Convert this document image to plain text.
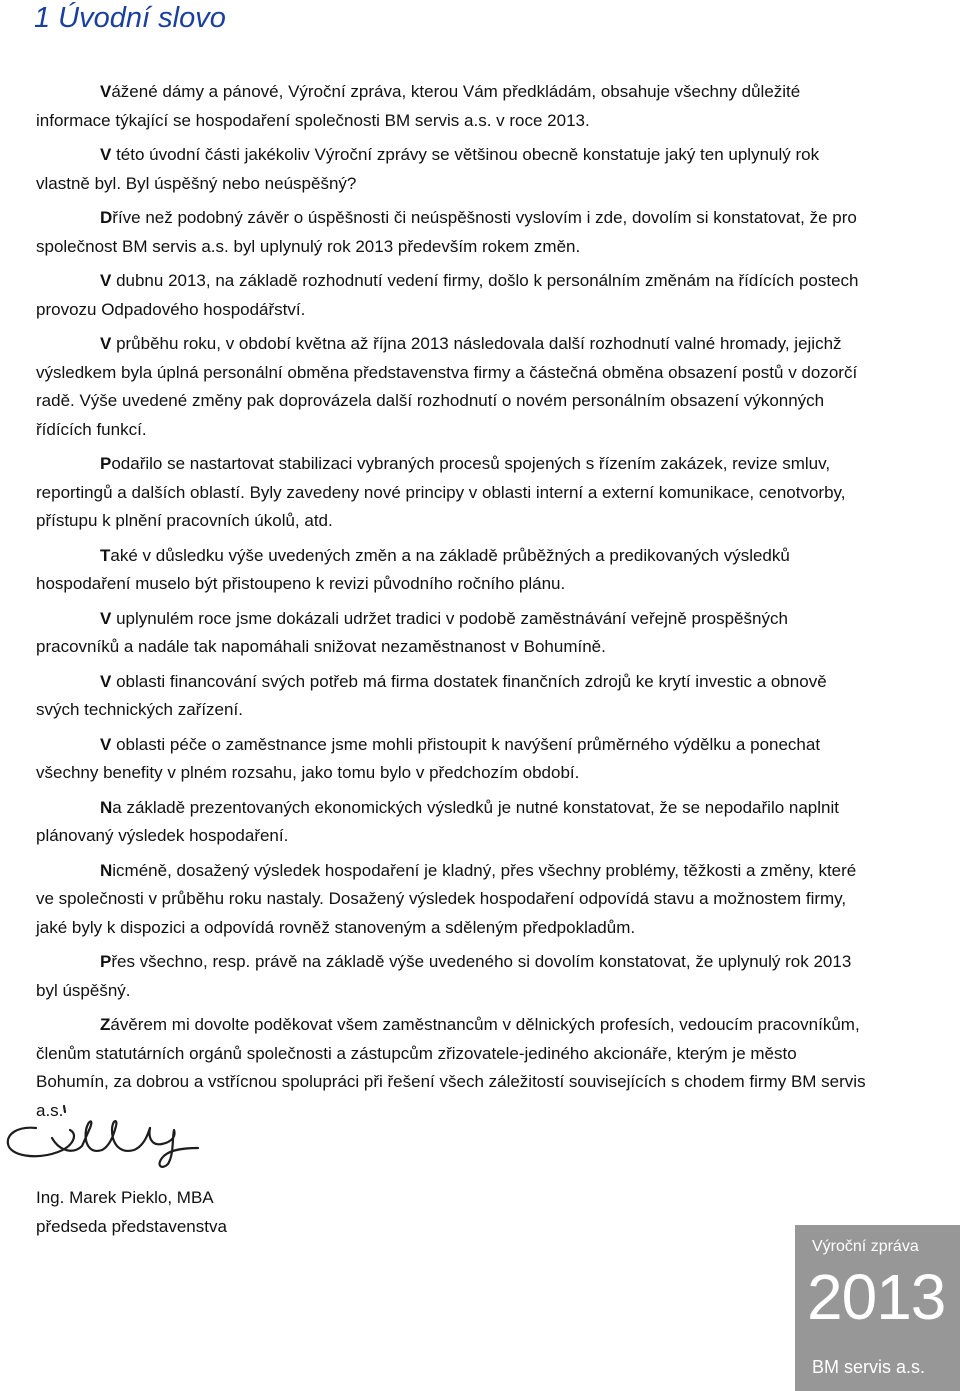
1 Úvodní slovo

Vážené dámy a pánové, Výroční zpráva, kterou Vám předkládám, obsahuje všechny důležité informace týkající se hospodaření společnosti BM servis a.s. v roce 2013.

V této úvodní části jakékoliv Výroční zprávy se většinou obecně konstatuje jaký ten uplynulý rok vlastně byl. Byl úspěšný nebo neúspěšný?

Dříve než podobný závěr o úspěšnosti či neúspěšnosti vyslovím i zde, dovolím si konstatovat, že pro společnost BM servis a.s. byl uplynulý rok 2013 především rokem změn.

V dubnu 2013, na základě rozhodnutí vedení firmy, došlo k personálním změnám na řídících postech provozu Odpadového hospodářství.

V průběhu roku, v období května až října 2013 následovala další rozhodnutí valné hromady, jejichž výsledkem byla úplná personální obměna představenstva firmy a částečná obměna obsazení postů v dozorčí radě. Výše uvedené změny pak doprovázela další rozhodnutí o novém personálním obsazení výkonných řídících funkcí.

Podařilo se nastartovat stabilizaci vybraných procesů spojených s řízením zakázek, revize smluv, reportingů a dalších oblastí. Byly zavedeny nové principy v oblasti interní a externí komunikace, cenotvorby, přístupu k plnění pracovních úkolů, atd.

Také v důsledku výše uvedených změn a na základě průběžných a predikovaných výsledků hospodaření muselo být přistoupeno k revizi původního ročního plánu.

V uplynulém roce jsme dokázali udržet tradici v podobě zaměstnávání veřejně prospěšných pracovníků a nadále tak napomáhali snižovat nezaměstnanost v Bohumíně.

V oblasti financování svých potřeb má firma dostatek finančních zdrojů ke krytí investic a obnově svých technických zařízení.

V oblasti péče o zaměstnance jsme mohli přistoupit k navýšení průměrného výdělku a ponechat všechny benefity v plném rozsahu, jako tomu bylo v předchozím období.

Na základě prezentovaných ekonomických výsledků je nutné konstatovat, že se nepodařilo naplnit plánovaný výsledek hospodaření.

Nicméně, dosažený výsledek hospodaření je kladný, přes všechny problémy, těžkosti a změny, které ve společnosti v průběhu roku nastaly. Dosažený výsledek hospodaření odpovídá stavu a možnostem firmy, jaké byly k dispozici a odpovídá rovněž stanoveným a sděleným předpokladům.

Přes všechno, resp. právě na základě výše uvedeného si dovolím konstatovat, že uplynulý rok 2013 byl úspěšný.

Závěrem mi dovolte poděkovat všem zaměstnancům v dělnických profesích, vedoucím pracovníkům, členům statutárních orgánů společnosti a zástupcům zřizovatele-jediného akcionáře, kterým je město Bohumín, za dobrou a vstřícnou spolupráci při řešení všech záležitostí souvisejících s chodem firmy BM servis a.s.

Ing. Marek Pieklo, MBA
předseda představenstva
Výroční zpráva
2013
BM servis a.s.
